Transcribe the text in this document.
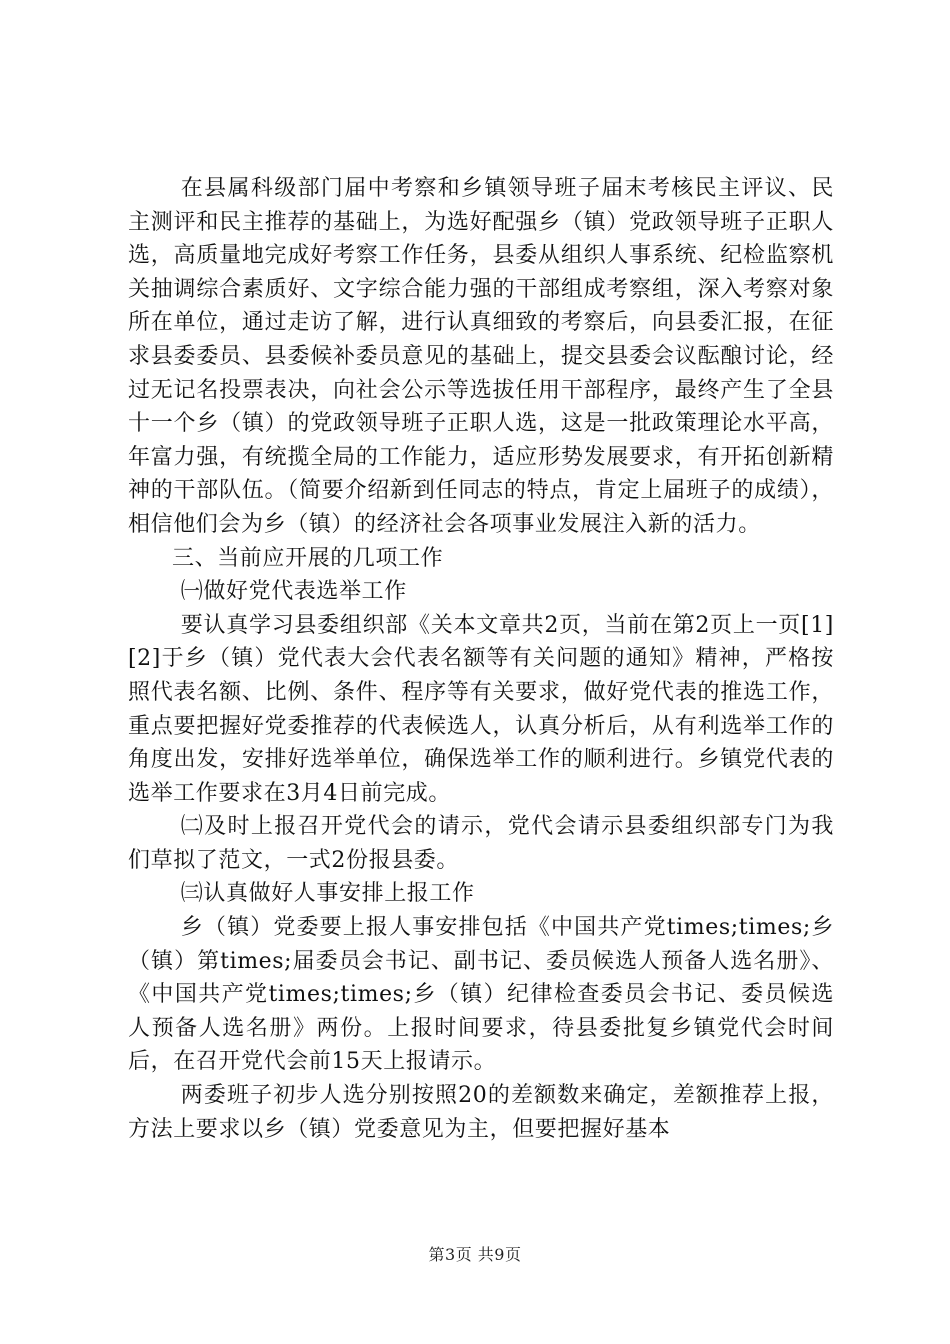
在县属科级部门届中考察和乡镇领导班子届末考核民主评议、民主测评和民主推荐的基础上，为选好配强乡（镇）党政领导班子正职人选，高质量地完成好考察工作任务，县委从组织人事系统、纪检监察机关抽调综合素质好、文字综合能力强的干部组成考察组，深入考察对象所在单位，通过走访了解，进行认真细致的考察后，向县委汇报，在征求县委委员、县委候补委员意见的基础上，提交县委会议酝酿讨论，经过无记名投票表决，向社会公示等选拔任用干部程序，最终产生了全县十一个乡（镇）的党政领导班子正职人选，这是一批政策理论水平高，年富力强，有统揽全局的工作能力，适应形势发展要求，有开拓创新精神的干部队伍。（简要介绍新到任同志的特点，肯定上届班子的成绩），相信他们会为乡（镇）的经济社会各项事业发展注入新的活力。

三、当前应开展的几项工作

㈠做好党代表选举工作

要认真学习县委组织部《关本文章共2页，当前在第2页上一页[1][2]于乡（镇）党代表大会代表名额等有关问题的通知》精神，严格按照代表名额、比例、条件、程序等有关要求，做好党代表的推选工作，重点要把握好党委推荐的代表候选人，认真分析后，从有利选举工作的角度出发，安排好选举单位，确保选举工作的顺利进行。乡镇党代表的选举工作要求在3月4日前完成。

㈡及时上报召开党代会的请示，党代会请示县委组织部专门为我们草拟了范文，一式2份报县委。

㈢认真做好人事安排上报工作

乡（镇）党委要上报人事安排包括《中国共产党times;times;乡（镇）第times;届委员会书记、副书记、委员候选人预备人选名册》、《中国共产党times;times;乡（镇）纪律检查委员会书记、委员候选人预备人选名册》两份。上报时间要求，待县委批复乡镇党代会时间后，在召开党代会前15天上报请示。

两委班子初步人选分别按照20的差额数来确定，差额推荐上报，方法上要求以乡（镇）党委意见为主，但要把握好基本

第3页 共9页
